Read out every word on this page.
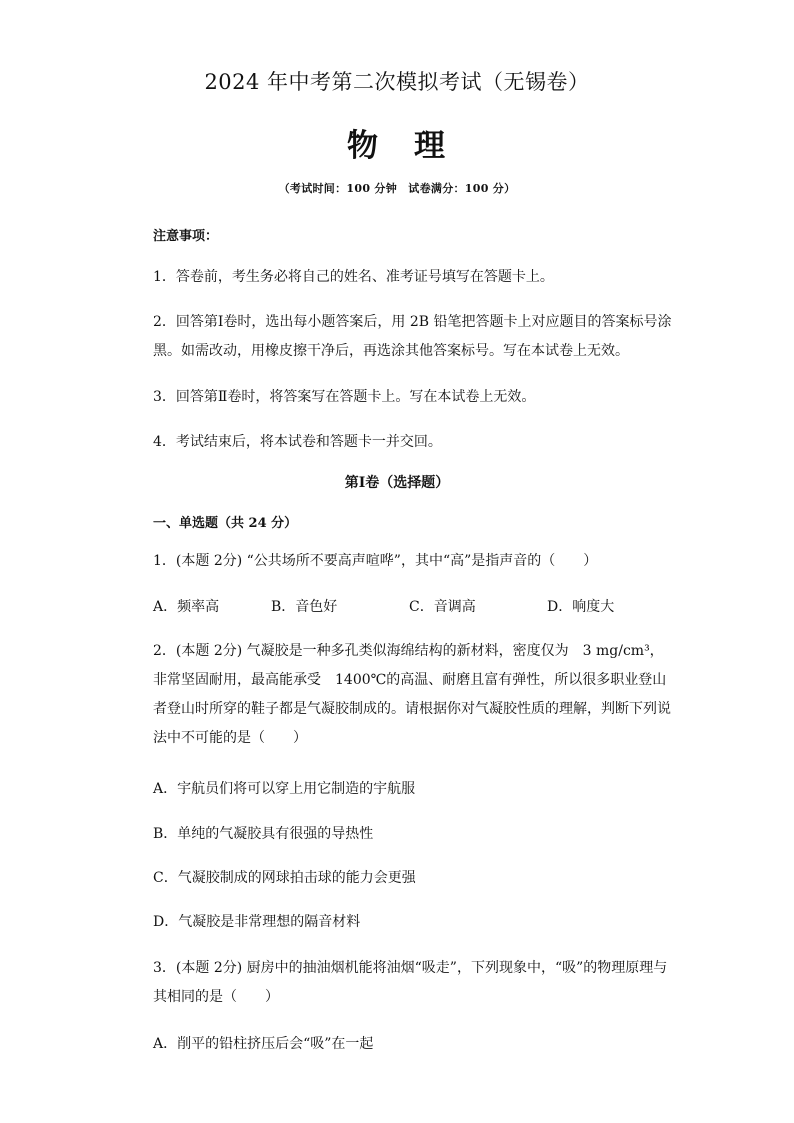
2024 年中考第二次模拟考试（无锡卷）
物 理
（考试时间：100 分钟　试卷满分：100 分）
注意事项：
1．答卷前，考生务必将自己的姓名、准考证号填写在答题卡上。
2．回答第Ⅰ卷时，选出每小题答案后，用 2B 铅笔把答题卡上对应题目的答案标号涂黑。如需改动，用橡皮擦干净后，再选涂其他答案标号。写在本试卷上无效。
3．回答第Ⅱ卷时，将答案写在答题卡上。写在本试卷上无效。
4．考试结束后，将本试卷和答题卡一并交回。
第Ⅰ卷（选择题）
一、单选题（共 24 分）
1．(本题 2分) “公共场所不要高声喧哗”，其中“高”是指声音的（　　）
A．频率高	B．音色好	C．音调高	D．响度大
2．(本题 2分) 气凝胶是一种多孔类似海绵结构的新材料，密度仅为　3 mg/cm³，非常坚固耐用，最高能承受　1400℃的高温、耐磨且富有弹性，所以很多职业登山者登山时所穿的鞋子都是气凝胶制成的。请根据你对气凝胶性质的理解，判断下列说法中不可能的是（　　）
A．宇航员们将可以穿上用它制造的宇航服
B．单纯的气凝胶具有很强的导热性
C．气凝胶制成的网球拍击球的能力会更强
D．气凝胶是非常理想的隔音材料
3．(本题 2分) 厨房中的抽油烟机能将油烟“吸走”，下列现象中，“吸”的物理原理与其相同的是（　　）
A．削平的铅柱挤压后会“吸”在一起
